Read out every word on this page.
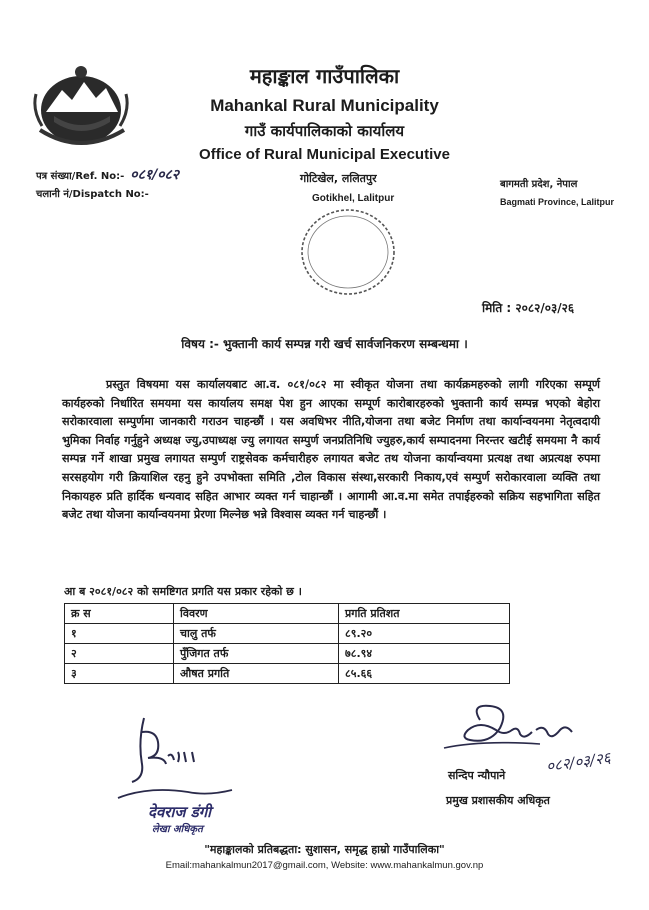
महाङ्काल गाउँपालिका
Mahankal Rural Municipality
गाउँ कार्यपालिकाको कार्यालय
Office of Rural Municipal Executive
गोटिखेल, ललितपुर
Gotikhel, Lalitpur
बागमती प्रदेश, नेपाल
Bagmati Province, Lalitpur
पत्र संख्या/Ref. No:- ०८१/०८२
चलानी नं/Dispatch No:-
मिति : २०८२/०३/२६
विषय :- भुक्तानी कार्य सम्पन्न गरी खर्च सार्वजनिकरण सम्बन्धमा ।
प्रस्तुत विषयमा यस कार्यालयबाट आ.व. ०८१/०८२ मा स्वीकृत योजना तथा कार्यक्रमहरुको लागी गरिएका सम्पूर्ण कार्यहरुको निर्धारित समयमा यस कार्यालय समक्ष पेश हुन आएका सम्पूर्ण कारोबारहरुको भुक्तानी कार्य सम्पन्न भएको बेहोरा सरोकारवाला सम्पुर्णमा जानकारी गराउन चाहन्छौं । यस अवधिभर नीति,योजना तथा बजेट निर्माण तथा कार्यान्वयनमा नेतृत्वदायी भुमिका निर्वाह गर्नुहुने अध्यक्ष ज्यु,उपाध्यक्ष ज्यु लगायत सम्पुर्ण जनप्रतिनिधि ज्युहरु,कार्य सम्पादनमा निरन्तर खटीई समयमा नै कार्य सम्पन्न गर्ने शाखा प्रमुख लगायत सम्पुर्ण राष्ट्रसेवक कर्मचारीहरु लगायत बजेट तथ योजना कार्यान्वयमा प्रत्यक्ष तथा अप्रत्यक्ष रुपमा सरसहयोग गरी क्रियाशिल रहनु हुने उपभोक्ता समिति ,टोल विकास संस्था,सरकारी निकाय,एवं सम्पुर्ण सरोकारवाला व्यक्ति तथा निकायहरु प्रति हार्दिक धन्यवाद सहित आभार व्यक्त गर्न चाहान्छौं । आगामी आ.व.मा समेत तपाईहरुको सक्रिय सहभागिता सहित बजेट तथा योजना कार्यान्वयनमा प्रेरणा मिल्नेछ भन्ने विश्वास व्यक्त गर्न चाहन्छौं ।
आ ब २०८१/०८२ को समष्टिगत प्रगति यस प्रकार रहेको छ ।
क्र स	विवरण	प्रगति प्रतिशत
१	चालु तर्फ	८९.२०
२	पुँजिगत तर्फ	७८.९४
३	औषत प्रगति	८५.६६
देवराज डंगी
लेखा अधिकृत
०८२/०३/२६
सन्दिप न्यौपाने
प्रमुख प्रशासकीय अधिकृत
"महाङ्कालको प्रतिबद्धता: सुशासन, समृद्ध हाम्रो गाउँपालिका"
Email:mahankalmun2017@gmail.com, Website: www.mahankalmun.gov.np
